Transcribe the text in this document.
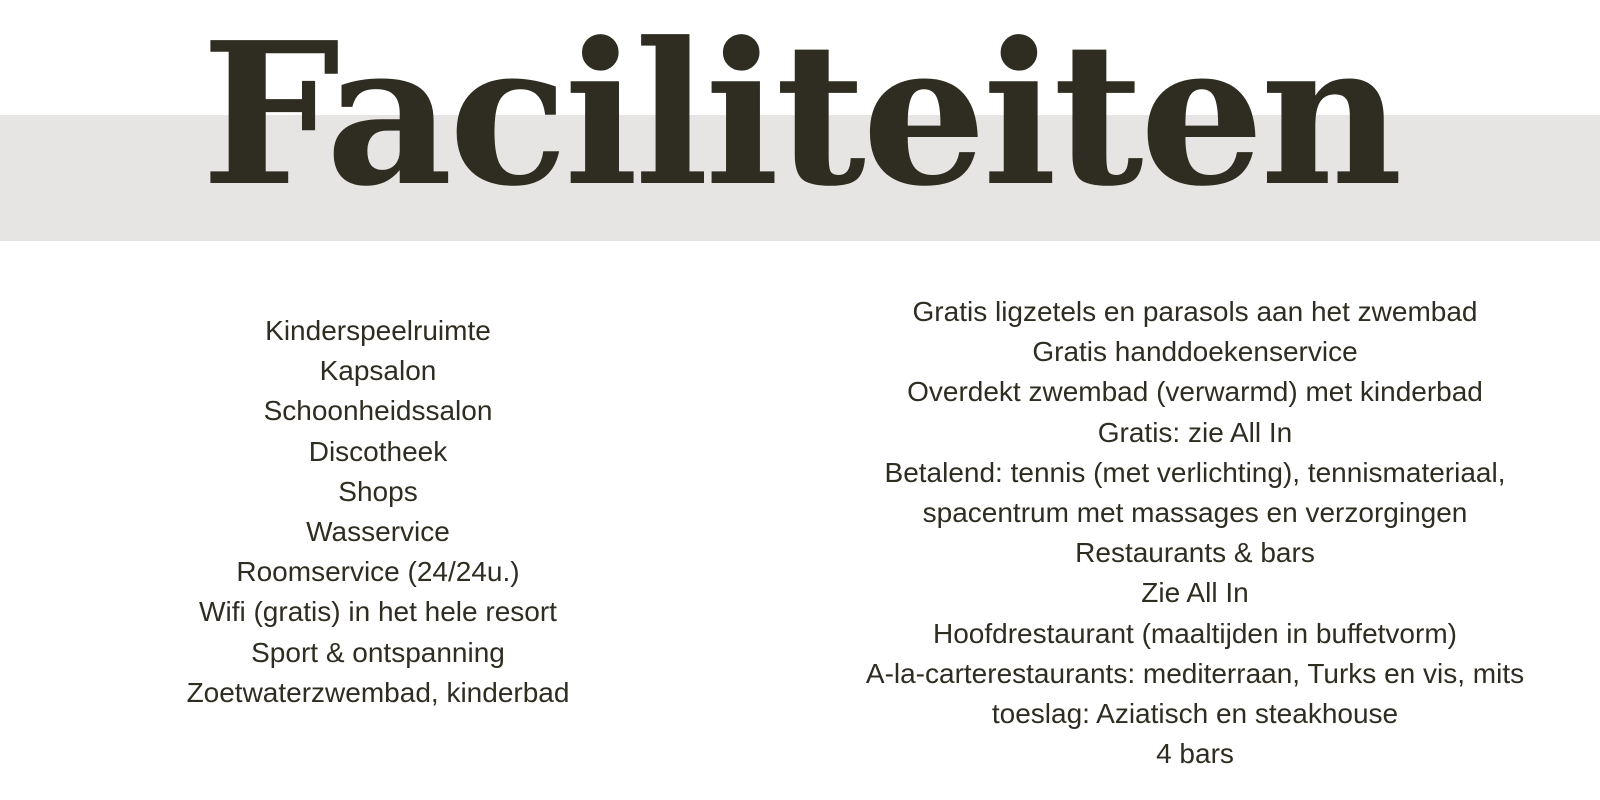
Faciliteiten
Kinderspeelruimte
Kapsalon
Schoonheidssalon
Discotheek
Shops
Wasservice
Roomservice (24/24u.)
Wifi (gratis) in het hele resort
Sport & ontspanning
Zoetwaterzwembad, kinderbad
Gratis ligzetels en parasols aan het zwembad
Gratis handdoekenservice
Overdekt zwembad (verwarmd) met kinderbad
Gratis: zie All In
Betalend: tennis (met verlichting), tennismateriaal,
spacentrum met massages en verzorgingen
Restaurants & bars
Zie All In
Hoofdrestaurant (maaltijden in buffetvorm)
A-la-carterestaurants: mediterraan, Turks en vis, mits
toeslag: Aziatisch en steakhouse
4 bars
